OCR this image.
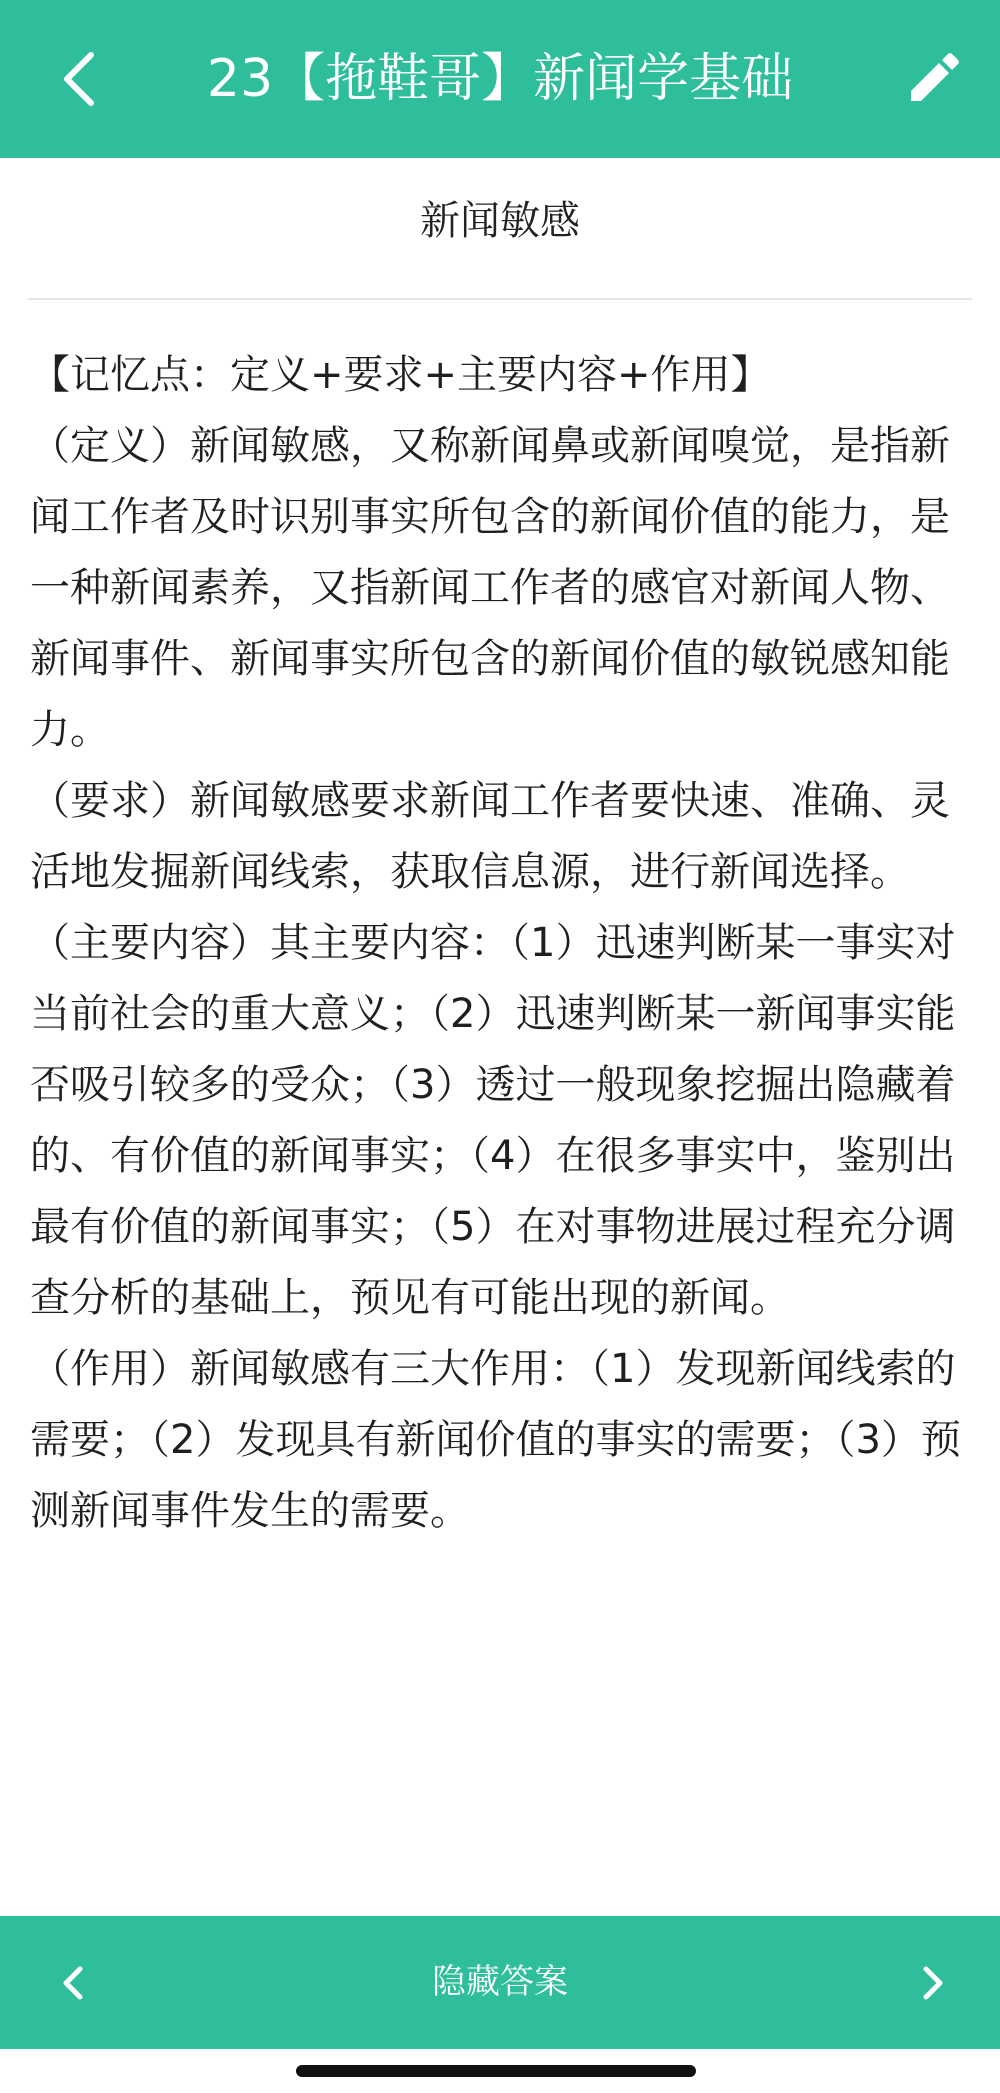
23【拖鞋哥】新闻学基础
新闻敏感

【记忆点：定义+要求+主要内容+作用】

（定义）新闻敏感，又称新闻鼻或新闻嗅觉，是指新闻工作者及时识别事实所包含的新闻价值的能力，是一种新闻素养，又指新闻工作者的感官对新闻人物、新闻事件、新闻事实所包含的新闻价值的敏锐感知能力。

（要求）新闻敏感要求新闻工作者要快速、准确、灵活地发掘新闻线索，获取信息源，进行新闻选择。

（主要内容）其主要内容：（1）迅速判断某一事实对当前社会的重大意义；（2）迅速判断某一新闻事实能否吸引较多的受众；（3）透过一般现象挖掘出隐藏着的、有价值的新闻事实；（4）在很多事实中，鉴别出最有价值的新闻事实；（5）在对事物进展过程充分调查分析的基础上，预见有可能出现的新闻。

（作用）新闻敏感有三大作用：（1）发现新闻线索的需要；（2）发现具有新闻价值的事实的需要；（3）预测新闻事件发生的需要。

隐藏答案
